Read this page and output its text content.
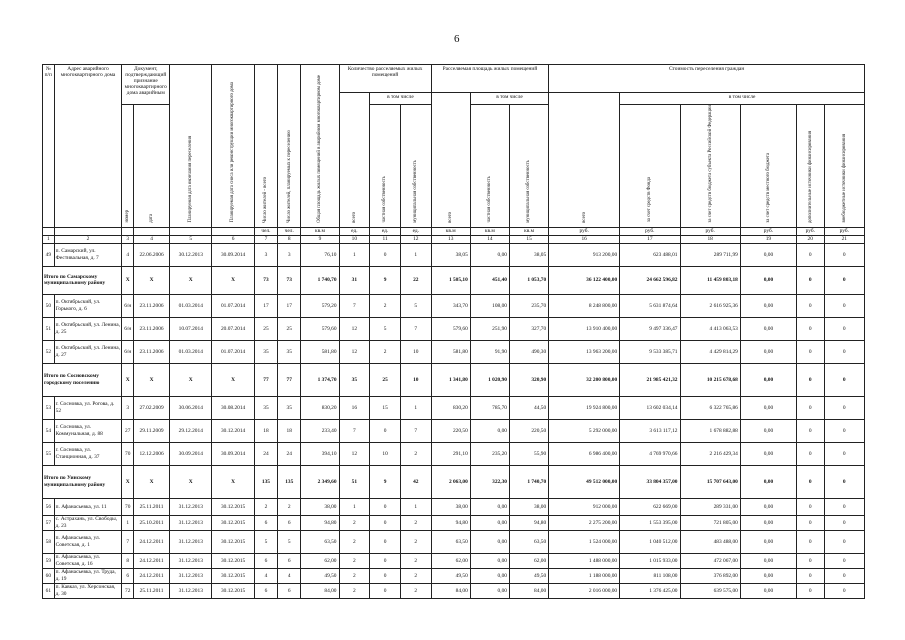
6
№ п/п	Адрес аварийного многоквартирного дома	Документ, подтверждающий признание многоквартирного дома аварийным		Планируемая дата окончания переселения	Планируемая дата сноса или реконструкции многоквартирного дома	Число жителей - всего	Число жителей, планируемых к переселению	Общая площадь жилых помещений в аварийном многоквартирном доме	Количество расселяемых жилых помещений			Расселяемая площадь жилых помещений			Стоимость переселения граждан					
									всего	в том числе		всего	в том числе		всего	в том числе				
		номер	дата							частная собственность	муниципальная собственность		частная собственность	муниципальная собственность		за счет средств Фонда	за счет средств бюджета субъекта Российской Федерации	за счет средств местного бюджета	дополнительные источники финансирования	внебюджетные источники финансирования
						чел.	чел.	кв.м	ед.	ед.	ед.	кв.м	кв.м	кв.м	руб.	руб.	руб.	руб.	руб.	руб.
1	2	3	4	5	6	7	8	9	10	11	12	13	14	15	16	17	18	19	20	21
49	п. Самарский, ул. Фестивальная, д. 7	4	22.06.2006	30.12.2013	30.09.2014	3	3	76,10	1	0	1	38,05	0,00	38,05	913 200,00	623 488,01	289 711,99	0,00	0	0
Итого по Самарскому муниципальному району		X	X	X	X	73	73	1 740,70	31	9	22	1 505,10	451,40	1 053,70	36 122 400,00	24 662 596,82	11 459 803,18	0,00	0	0
50	п. Октябрьский, ул. Горького, д. 6	6/н	23.11.2006	01.03.2014	01.07.2014	17	17	579,20	7	2	5	343,70	108,00	235,70	8 248 800,00	5 631 874,64	2 616 925,36	0,00	0	0
51	п. Октябрьский, ул. Ленина, д. 25	6/н	23.11.2006	10.07.2014	20.07.2014	25	25	579,60	12	5	7	579,60	251,90	327,70	13 910 400,00	9 497 336,47	4 413 063,53	0,00	0	0
52	п. Октябрьский, ул. Ленина, д. 27	6/н	23.11.2006	01.03.2014	01.07.2014	35	35	581,80	12	2	10	581,80	91,90	490,30	13 963 200,00	9 533 385,71	4 429 814,29	0,00	0	0
Итого по Сосновскому городскому поселению		X	X	X	X	77	77	1 374,70	35	25	10	1 341,80	1 020,90	320,90	32 200 800,00	21 985 421,32	10 215 678,68	0,00	0	0
53	г. Сосновка, ул. Рогова, д. 52	3	27.02.2009	30.06.2014	30.08.2014	35	35	830,20	16	15	1	830,20	785,70	44,50	19 924 800,00	13 602 034,14	6 322 765,86	0,00	0	0
54	г. Сосновка, ул. Коммунальная, д. 88	27	29.11.2009	29.12.2014	30.12.2014	18	18	233,40	7	0	7	220,50	0,00	220,50	5 292 000,00	3 613 117,12	1 678 882,88	0,00	0	0
55	г. Сосновка, ул. Станционная, д. 37	70	12.12.2006	30.09.2014	30.09.2014	24	24	394,10	12	10	2	291,10	235,20	55,90	6 986 400,00	4 769 970,66	2 216 429,34	0,00	0	0
Итого по Уинскому муниципальному району		X	X	X	X	135	135	2 349,60	51	9	42	2 063,00	322,30	1 740,70	49 512 000,00	33 804 357,00	15 707 643,00	0,00	0	0
56	п. Афанасьевка, ул. 11	70	25.11.2011	31.12.2013	30.12.2015	2	2	38,00	1	0	1	38,00	0,00	38,00	912 000,00	622 669,00	289 331,00	0,00	0	0
57	с. Астрахань, ул. Свободы, д. 23	1	25.10.2011	31.12.2013	30.12.2015	6	6	94,80	2	0	2	94,80	0,00	94,80	2 275 200,00	1 553 395,00	721 805,00	0,00	0	0
58	п. Афанасьевка, ул. Советская, д. 1	7	24.12.2011	31.12.2013	30.12.2015	5	5	63,50	2	0	2	63,50	0,00	63,50	1 524 000,00	1 040 512,00	483 488,00	0,00	0	0
59	п. Афанасьевка, ул. Советская, д. 16	8	24.12.2011	31.12.2013	30.12.2015	6	6	62,00	2	0	2	62,00	0,00	62,00	1 488 000,00	1 015 933,00	472 067,00	0,00	0	0
60	п. Афанасьевка, ул. Труда, д. 19	6	24.12.2011	31.12.2013	30.12.2015	4	4	49,50	2	0	2	49,50	0,00	49,50	1 188 000,00	811 108,00	376 892,00	0,00	0	0
61	п. Кавказ, ул. Херсонская, д. 30	72	25.11.2011	31.12.2013	30.12.2015	6	6	84,00	2	0	2	84,00	0,00	84,00	2 016 000,00	1 376 425,00	639 575,00	0,00	0	0
